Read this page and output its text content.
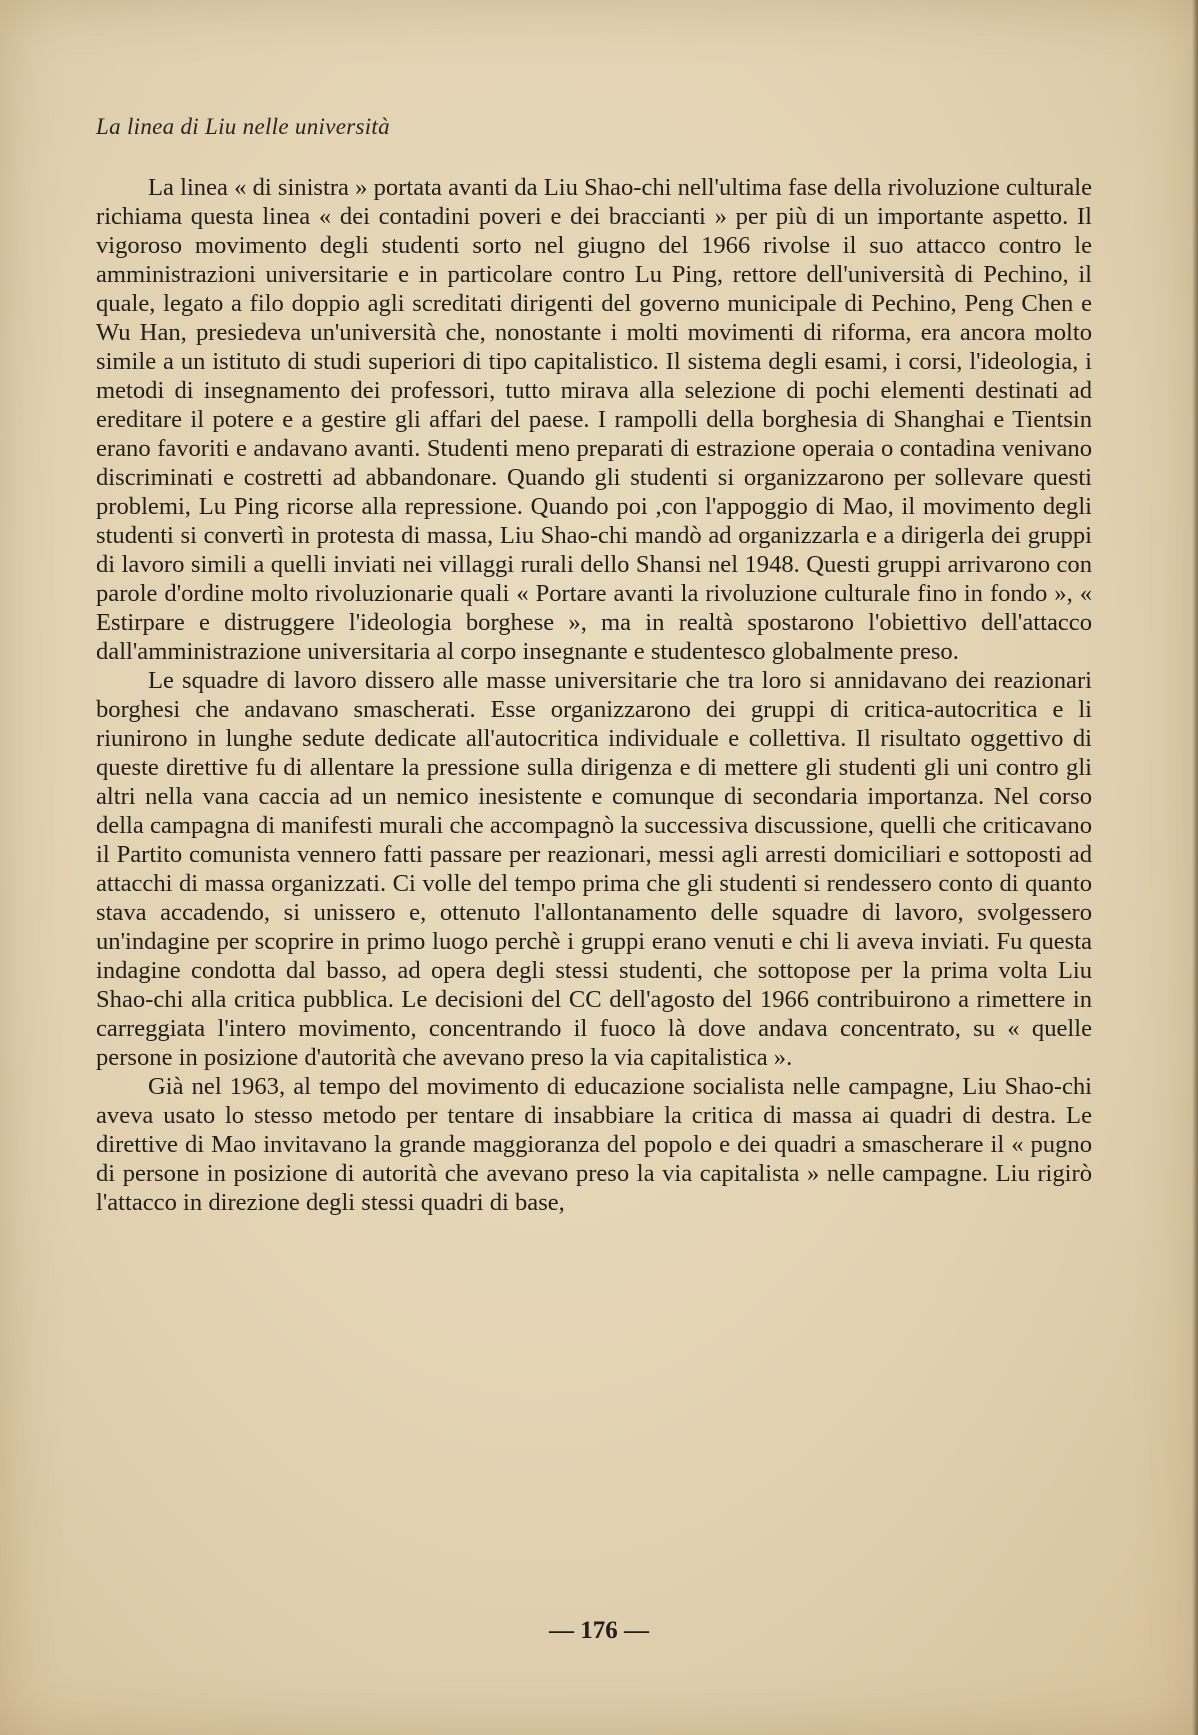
La linea di Liu nelle università

La linea « di sinistra » portata avanti da Liu Shao-chi nell'ultima fase della rivoluzione culturale richiama questa linea « dei contadini poveri e dei braccianti » per più di un importante aspetto. Il vigoroso movimento degli studenti sorto nel giugno del 1966 rivolse il suo attacco contro le amministrazioni universitarie e in particolare contro Lu Ping, rettore dell'università di Pechino, il quale, legato a filo doppio agli screditati dirigenti del governo municipale di Pechino, Peng Chen e Wu Han, presiedeva un'università che, nonostante i molti movimenti di riforma, era ancora molto simile a un istituto di studi superiori di tipo capitalistico. Il sistema degli esami, i corsi, l'ideologia, i metodi di insegnamento dei professori, tutto mirava alla selezione di pochi elementi destinati ad ereditare il potere e a gestire gli affari del paese. I rampolli della borghesia di Shanghai e Tientsin erano favoriti e andavano avanti. Studenti meno preparati di estrazione operaia o contadina venivano discriminati e costretti ad abbandonare. Quando gli studenti si organizzarono per sollevare questi problemi, Lu Ping ricorse alla repressione. Quando poi ,con l'appoggio di Mao, il movimento degli studenti si convertì in protesta di massa, Liu Shao-chi mandò ad organizzarla e a dirigerla dei gruppi di lavoro simili a quelli inviati nei villaggi rurali dello Shansi nel 1948. Questi gruppi arrivarono con parole d'ordine molto rivoluzionarie quali « Portare avanti la rivoluzione culturale fino in fondo », « Estirpare e distruggere l'ideologia borghese », ma in realtà spostarono l'obiettivo dell'attacco dall'amministrazione universitaria al corpo insegnante e studentesco globalmente preso.

Le squadre di lavoro dissero alle masse universitarie che tra loro si annidavano dei reazionari borghesi che andavano smascherati. Esse organizzarono dei gruppi di critica-autocritica e li riunirono in lunghe sedute dedicate all'autocritica individuale e collettiva. Il risultato oggettivo di queste direttive fu di allentare la pressione sulla dirigenza e di mettere gli studenti gli uni contro gli altri nella vana caccia ad un nemico inesistente e comunque di secondaria importanza. Nel corso della campagna di manifesti murali che accompagnò la successiva discussione, quelli che criticavano il Partito comunista vennero fatti passare per reazionari, messi agli arresti domiciliari e sottoposti ad attacchi di massa organizzati. Ci volle del tempo prima che gli studenti si rendessero conto di quanto stava accadendo, si unissero e, ottenuto l'allontanamento delle squadre di lavoro, svolgessero un'indagine per scoprire in primo luogo perchè i gruppi erano venuti e chi li aveva inviati. Fu questa indagine condotta dal basso, ad opera degli stessi studenti, che sottopose per la prima volta Liu Shao-chi alla critica pubblica. Le decisioni del CC dell'agosto del 1966 contribuirono a rimettere in carreggiata l'intero movimento, concentrando il fuoco là dove andava concentrato, su « quelle persone in posizione d'autorità che avevano preso la via capitalistica ».

Già nel 1963, al tempo del movimento di educazione socialista nelle campagne, Liu Shao-chi aveva usato lo stesso metodo per tentare di insabbiare la critica di massa ai quadri di destra. Le direttive di Mao invitavano la grande maggioranza del popolo e dei quadri a smascherare il « pugno di persone in posizione di autorità che avevano preso la via capitalista » nelle campagne. Liu rigirò l'attacco in direzione degli stessi quadri di base,

— 176 —
